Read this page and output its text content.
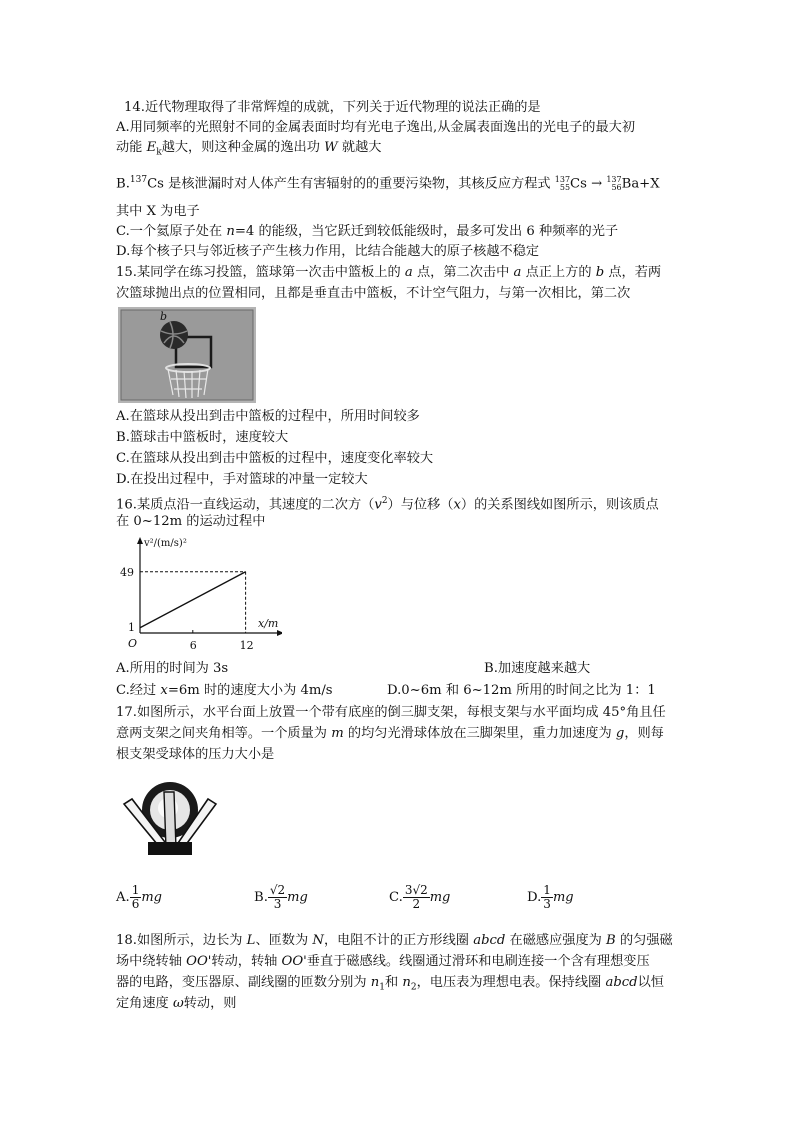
14.近代物理取得了非常辉煌的成就，下列关于近代物理的说法正确的是
A.用同频率的光照射不同的金属表面时均有光电子逸出,从金属表面逸出的光电子的最大初
动能 $E_k$越大，则这种金属的逸出功 W 就越大
B.$^{137}$Cs 是核泄漏时对人体产生有害辐射的的重要污染物，其核反应方程式 137
55 Cs → 137
56 Ba+X
其中 X 为电子
C.一个氦原子处在 n=4 的能级，当它跃迁到较低能级时，最多可发出 6 种频率的光子
D.每个核子只与邻近核子产生核力作用，比结合能越大的原子核越不稳定
15.某同学在练习投篮，篮球第一次击中篮板上的 a 点，第二次击中 a 点正上方的 b 点，若两
次篮球抛出点的位置相同，且都是垂直击中篮板，不计空气阻力，与第一次相比，第二次
b
A.在篮球从投出到击中篮板的过程中，所用时间较多
B.篮球击中篮板时，速度较大
C.在篮球从投出到击中篮板的过程中，速度变化率较大
D.在投出过程中，手对篮球的冲量一定较大
16.某质点沿一直线运动，其速度的二次方$(v^2)$与位移（x）的关系图线如图所示，则该质点
在 0~12m 的运动过程中
49
1
6	12
O
v²/(m/s)²
x/m
A.所用的时间为 3s	B.加速度越来越大
C.经过 x=6m 时的速度大小为 4m/s	D.0~6m 和 6~12m 所用的时间之比为 1：1
17.如图所示，水平台面上放置一个带有底座的倒三脚支架，每根支架与水平面均成 45°角且任
意两支架之间夹角相等。一个质量为 m 的均匀光滑球体放在三脚架里，重力加速度为 g，则每
根支架受球体的压力大小是
A. $\frac{1}{6}$ mg	B. $\frac{√2}{3}$ mg	C. $\frac{3√2}{2}$ mg	D. $\frac{1}{3}$ mg
18.如图所示，边长为 L、匝数为 N，电阻不计的正方形线圈 abcd 在磁感应强度为 B 的匀强磁
场中绕转轴 OO'转动，转轴 OO'垂直于磁感线。线圈通过滑环和电刷连接一个含有理想变压
器的电路，变压器原、副线圈的匝数分别为 $n_1$和 $n_2$，电压表为理想电表。保持线圈 abcd以恒
定角速度 ω转动，则
